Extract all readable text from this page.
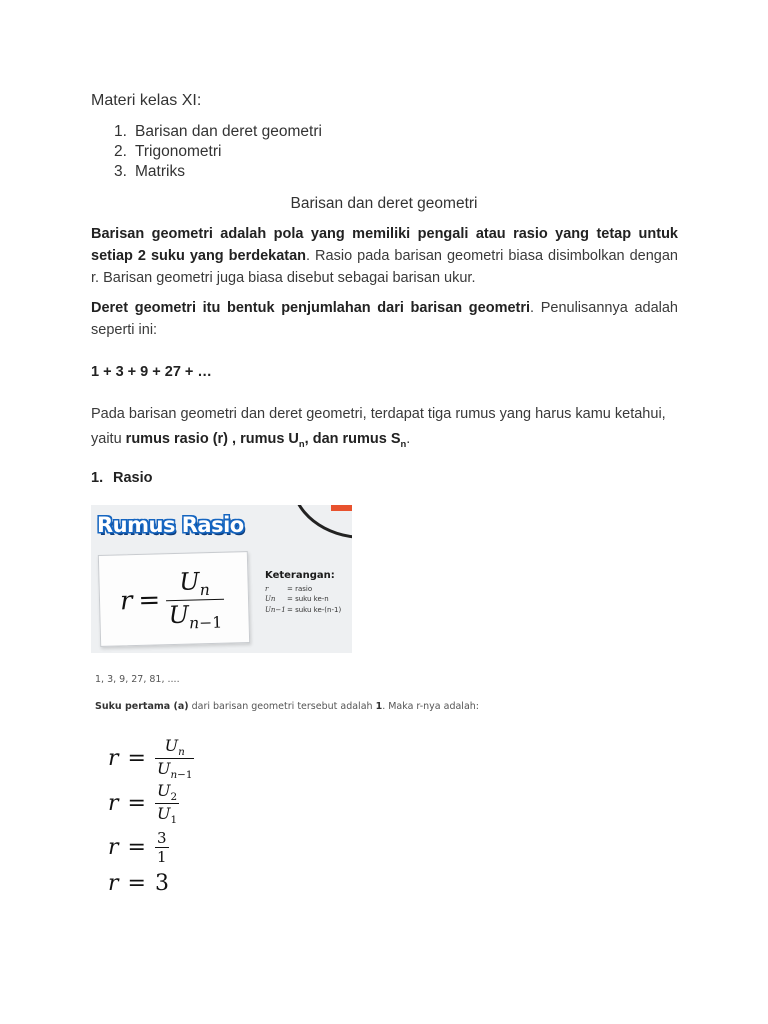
Materi kelas XI:
1. Barisan dan deret geometri
2. Trigonometri
3. Matriks
Barisan dan deret geometri
Barisan geometri adalah pola yang memiliki pengali atau rasio yang tetap untuk setiap 2 suku yang berdekatan. Rasio pada barisan geometri biasa disimbolkan dengan r. Barisan geometri juga biasa disebut sebagai barisan ukur.
Deret geometri itu bentuk penjumlahan dari barisan geometri. Penulisannya adalah seperti ini:
1 + 3 + 9 + 27 + …
Pada barisan geometri dan deret geometri, terdapat tiga rumus yang harus kamu ketahui,
yaitu rumus rasio (r) , rumus $U_n$, dan rumus $S_n$.
1. Rasio
Rumus Rasio
$r = \frac{U_n}{U_{n-1}}$	Keterangan:
r	= rasio
Un = suku ke-n
Un−1= suku ke-(n-1)
1, 3, 9, 27, 81, ....
Suku pertama (a) dari barisan geometri tersebut adalah 1. Maka r-nya adalah:
$r = \frac{U_n}{U_{n-1}}$
$r = \frac{U_2}{U_1}$
$r = \frac{3}{1}$
r = 3
